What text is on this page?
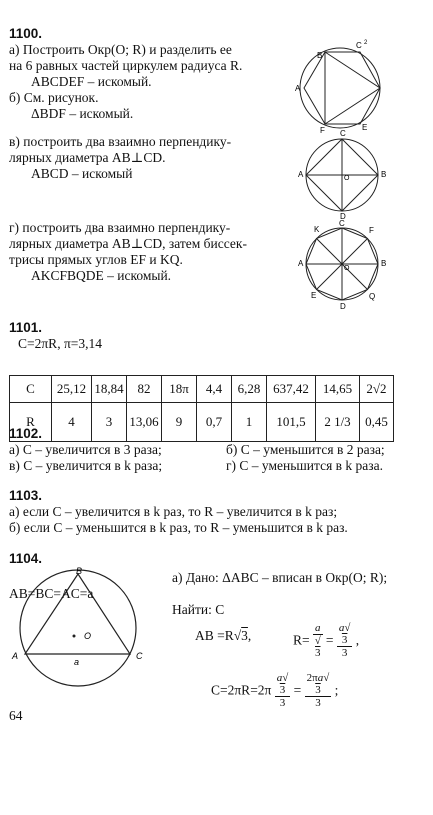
1100.
а) Построить Окр(O; R) и разделить ее
на 6 равных частей циркулем радиуса R.
ABCDEF – искомый.
б) См. рисунок.
ΔBDF – искомый.
в) построить два взаимно перпендику-
лярных диаметра AB⊥CD.
ABCD – искомый
г) построить два взаимно перпендику-
лярных диаметра AB⊥CD, затем биссек-
трисы прямых углов EF и KQ.
AKCFBQDE – искомый.
B
C 2
A
F	E
C
A	O	B
D
K
C
F
A
O
B
E
D
Q
1101.
C=2πR, π=3,14
C	25,12	18,84	82	18π	4,4	6,28	637,42	14,65	2√2
R	4	3	13,06	9	0,7	1	101,5	2 1/3	0,45
1102.
а) C – увеличится в 3 раза;	б) C – уменьшится в 2 раза;
в) C – увеличится в k раза;	г) C – уменьшится в k раза.
1103.
а) если C – увеличится в k раз, то R – увеличится в k раз;
б) если C – уменьшится в k раз, то R – уменьшится в k раз.
1104.
B
O
A	C
a
а) Дано: ΔABC – вписан в Окр(O; R);
AB=BC=AC=a
Найти: C
AB =R√3,	R= a
√
3 = a√
3
3 ,
C=2πR=2π a√
3
3 = 2πa√
3
3 ;
64
